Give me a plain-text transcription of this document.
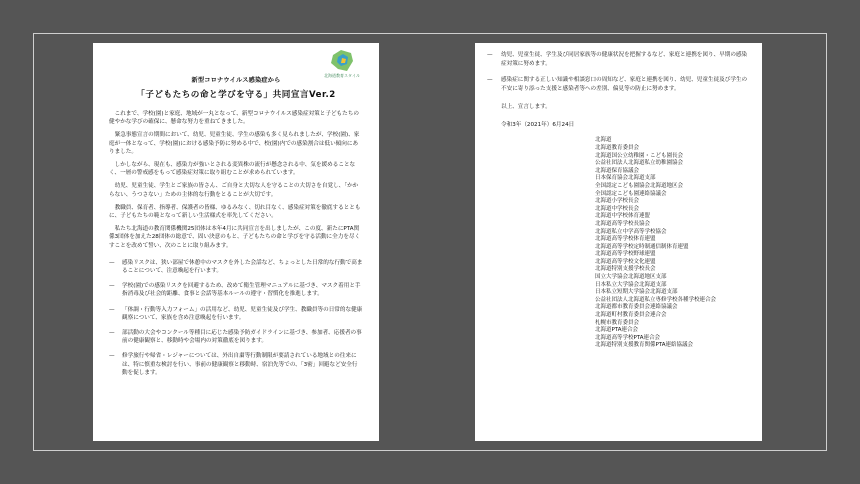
北海道教育スタイル
新型コロナウイルス感染症から
「子どもたちの命と学びを守る」共同宣言Ver.2

これまで、学校(園)と家庭、地域が一丸となって、新型コロナウイルス感染症対策と子どもたちの健やかな学びの確保に、懸命な努力を重ねてきました。

緊急事態宣言の期間において、幼児、児童生徒、学生の感染も多く見られましたが、学校(園)、家庭が一体となって、学校(園)における感染予防に努める中で、校(園)内での感染割合は低い傾向にありました。

しかしながら、現在も、感染力が強いとされる変異株の流行が懸念される中、気を緩めることなく、一層の警戒感をもって感染症対策に取り組むことが求められています。

幼児、児童生徒、学生とご家族の皆さん、ご自身と大切な人を守ることの大切さを自覚し、「かからない、うつさない」ための主体的な行動をとることが大切です。

教職員、保育者、指導者、保護者の皆様、ゆるみなく、切れ目なく、感染症対策を徹底するとともに、子どもたちの範となって新しい生活様式を率先してください。

私たち北海道の教育関係機関25団体は本年4月に共同宣言を出しましたが、この度、新たにPTA関係3団体を加えた28団体の総意で、固い決意のもと、子どもたちの命と学びを守る活動に全力を尽くすことを改めて誓い、次のことに取り組みます。

—	感染リスクは、狭い部屋で休憩中のマスクを外した会話など、ちょっとした日常的な行動で高まることについて、注意喚起を行います。
—	学校(園)での感染リスクを回避するため、改めて衛生管理マニュアルに基づき、マスク着用と手指消毒及び社会的距離、食事と会話等基本ルールの遵守・習慣化を推進します。
—	「体調・行動等入力フォーム」の活用など、幼児、児童生徒及び学生、教職員等の日常的な健康観察について、家族を含め注意喚起を行います。
—	部活動の大会やコンクール等種目に応じた感染予防ガイドラインに基づき、参加者、応援者の事前の健康観察と、移動時や会場内の対策徹底を図ります。
—	修学旅行や帰省・レジャーについては、外出自粛等行動制限が要請されている地域との往来には、特に慎重な検討を行い、事前の健康観察と移動時、宿泊先等での、「3密」回避など安全行動を促します。
—	幼児、児童生徒、学生及び同居家族等の健康状況を把握するなど、家庭と連携を図り、早期の感染症対策に努めます。
—	感染症に関する正しい知識や相談窓口の周知など、家庭と連携を図り、幼児、児童生徒及び学生の不安に寄り添った支援と感染者等への差別、偏見等の防止に努めます。
以上、宣言します。
令和3年（2021年）6月24日
北海道
北海道教育委員会
北海道国公立幼稚園・こども園長会
公益社団法人北海道私立幼稚園協会
北海道保育協議会
日本保育協会北海道支部
全国認定こども園協会北海道地区会
全国認定こども園連絡協議会
北海道小学校長会
北海道中学校長会
北海道中学校体育連盟
北海道高等学校長協会
北海道私立中学高等学校協会
北海道高等学校体育連盟
北海道高等学校定時制通信制体育連盟
北海道高等学校野球連盟
北海道高等学校文化連盟
北海道特別支援学校長会
国立大学協会北海道地区支部
日本私立大学協会北海道支部
日本私立短期大学協会北海道支部
公益社団法人北海道私立専修学校各種学校連合会
北海道都市教育委員会連絡協議会
北海道町村教育委員会連合会
札幌市教育委員会
北海道PTA連合会
北海道高等学校PTA連合会
北海道特別支援教育関係PTA連絡協議会
